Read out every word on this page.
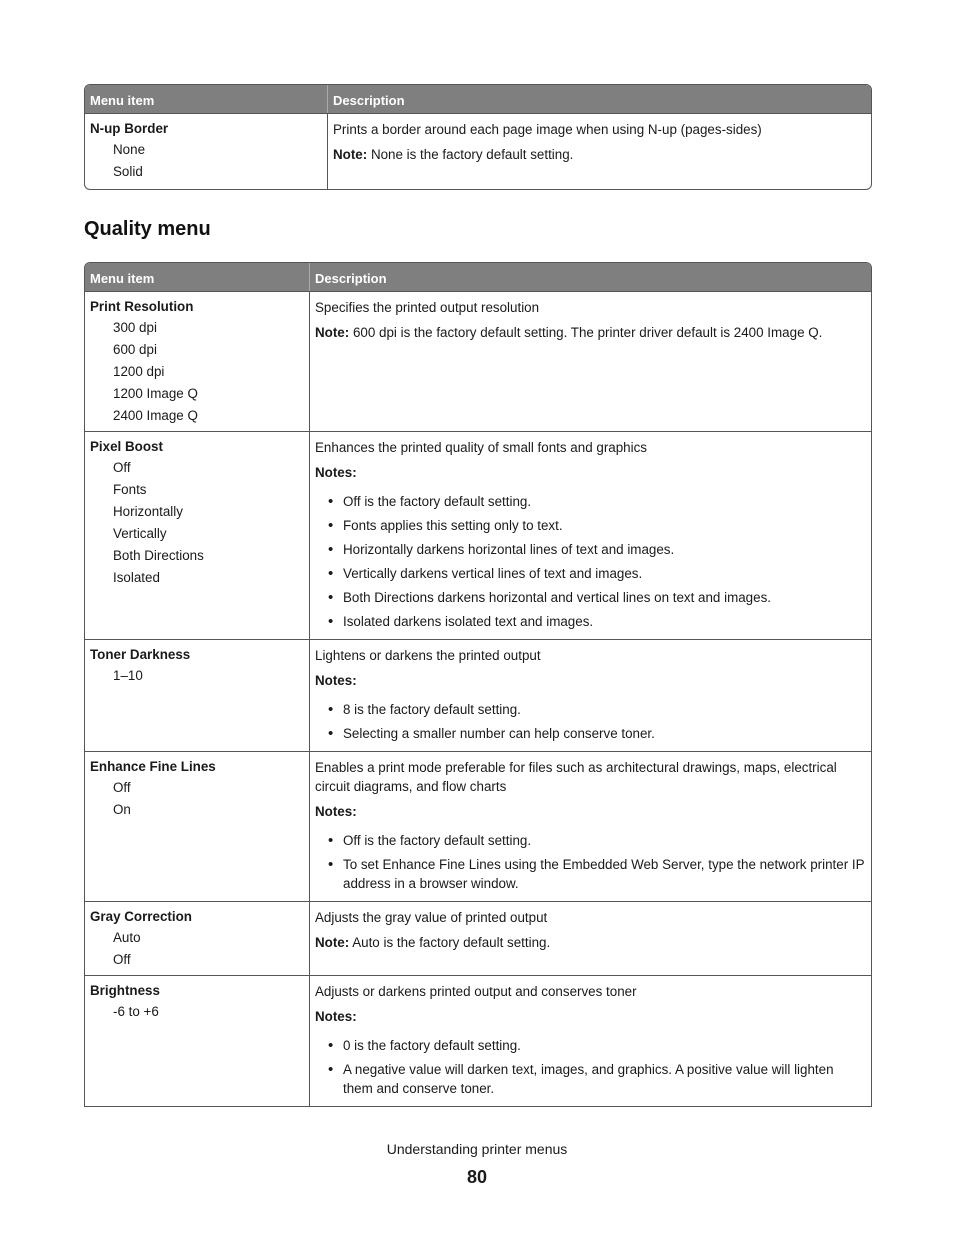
Menu item	Description
N-up Border
None
Solid
Prints a border around each page image when using N-up (pages-sides)
Note: None is the factory default setting.
Quality menu
Menu item	Description
Print Resolution
300 dpi
600 dpi
1200 dpi
1200 Image Q
2400 Image Q
Specifies the printed output resolution
Note: 600 dpi is the factory default setting. The printer driver default is 2400 Image Q.
Pixel Boost
Off
Fonts
Horizontally
Vertically
Both Directions
Isolated
Enhances the printed quality of small fonts and graphics
Notes:
• Off is the factory default setting.
• Fonts applies this setting only to text.
• Horizontally darkens horizontal lines of text and images.
• Vertically darkens vertical lines of text and images.
• Both Directions darkens horizontal and vertical lines on text and images.
• Isolated darkens isolated text and images.
Toner Darkness
1–10
Lightens or darkens the printed output
Notes:
• 8 is the factory default setting.
• Selecting a smaller number can help conserve toner.
Enhance Fine Lines
Off
On
Enables a print mode preferable for files such as architectural drawings, maps, electrical circuit diagrams, and flow charts
Notes:
• Off is the factory default setting.
• To set Enhance Fine Lines using the Embedded Web Server, type the network printer IP address in a browser window.
Gray Correction
Auto
Off
Adjusts the gray value of printed output
Note: Auto is the factory default setting.
Brightness
-6 to +6
Adjusts or darkens printed output and conserves toner
Notes:
• 0 is the factory default setting.
• A negative value will darken text, images, and graphics. A positive value will lighten them and conserve toner.
Understanding printer menus
80
